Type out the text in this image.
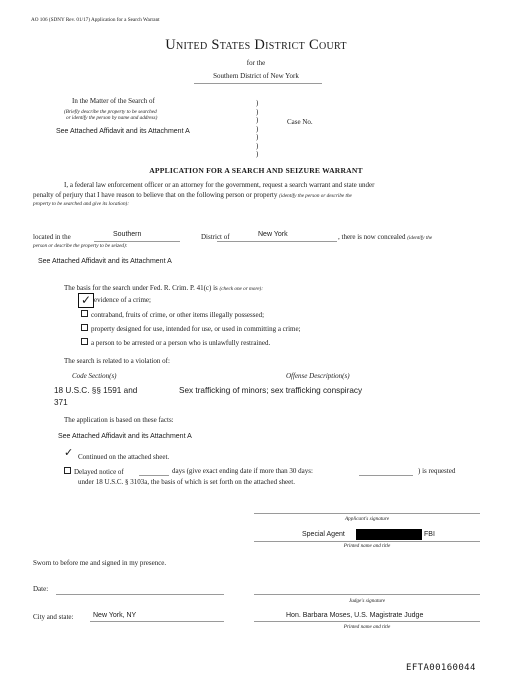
AO 106 (SDNY Rev. 01/17) Application for a Search Warrant
United States District Court
for the
Southern District of New York
In the Matter of the Search of
(Briefly describe the property to be searched
or identify the person by name and address)
See Attached Affidavit and its Attachment A
)
)
)
)
)
)
)
Case No.
APPLICATION FOR A SEARCH AND SEIZURE WARRANT
I, a federal law enforcement officer or an attorney for the government, request a search warrant and state under
penalty of perjury that I have reason to believe that on the following person or property (identify the person or describe the
property to be searched and give its location):
located in the	Southern	District of	New York	, there is now concealed (identify the
person or describe the property to be seized):
See Attached Affidavit and its Attachment A
The basis for the search under Fed. R. Crim. P. 41(c) is (check one or more):
✓ evidence of a crime;
contraband, fruits of crime, or other items illegally possessed;
property designed for use, intended for use, or used in committing a crime;
a person to be arrested or a person who is unlawfully restrained.
The search is related to a violation of:
Code Section(s)	Offense Description(s)
18 U.S.C. §§ 1591 and
371
Sex trafficking of minors; sex trafficking conspiracy
The application is based on these facts:
See Attached Affidavit and its Attachment A
✓ Continued on the attached sheet.
Delayed notice of	days (give exact ending date if more than 30 days:	) is requested
under 18 U.S.C. § 3103a, the basis of which is set forth on the attached sheet.
Applicant's signature
Special Agent	FBI
Printed name and title
Sworn to before me and signed in my presence.
Date:
Judge's signature
City and state:	New York, NY	Hon. Barbara Moses, U.S. Magistrate Judge
Printed name and title
EFTA00160044
